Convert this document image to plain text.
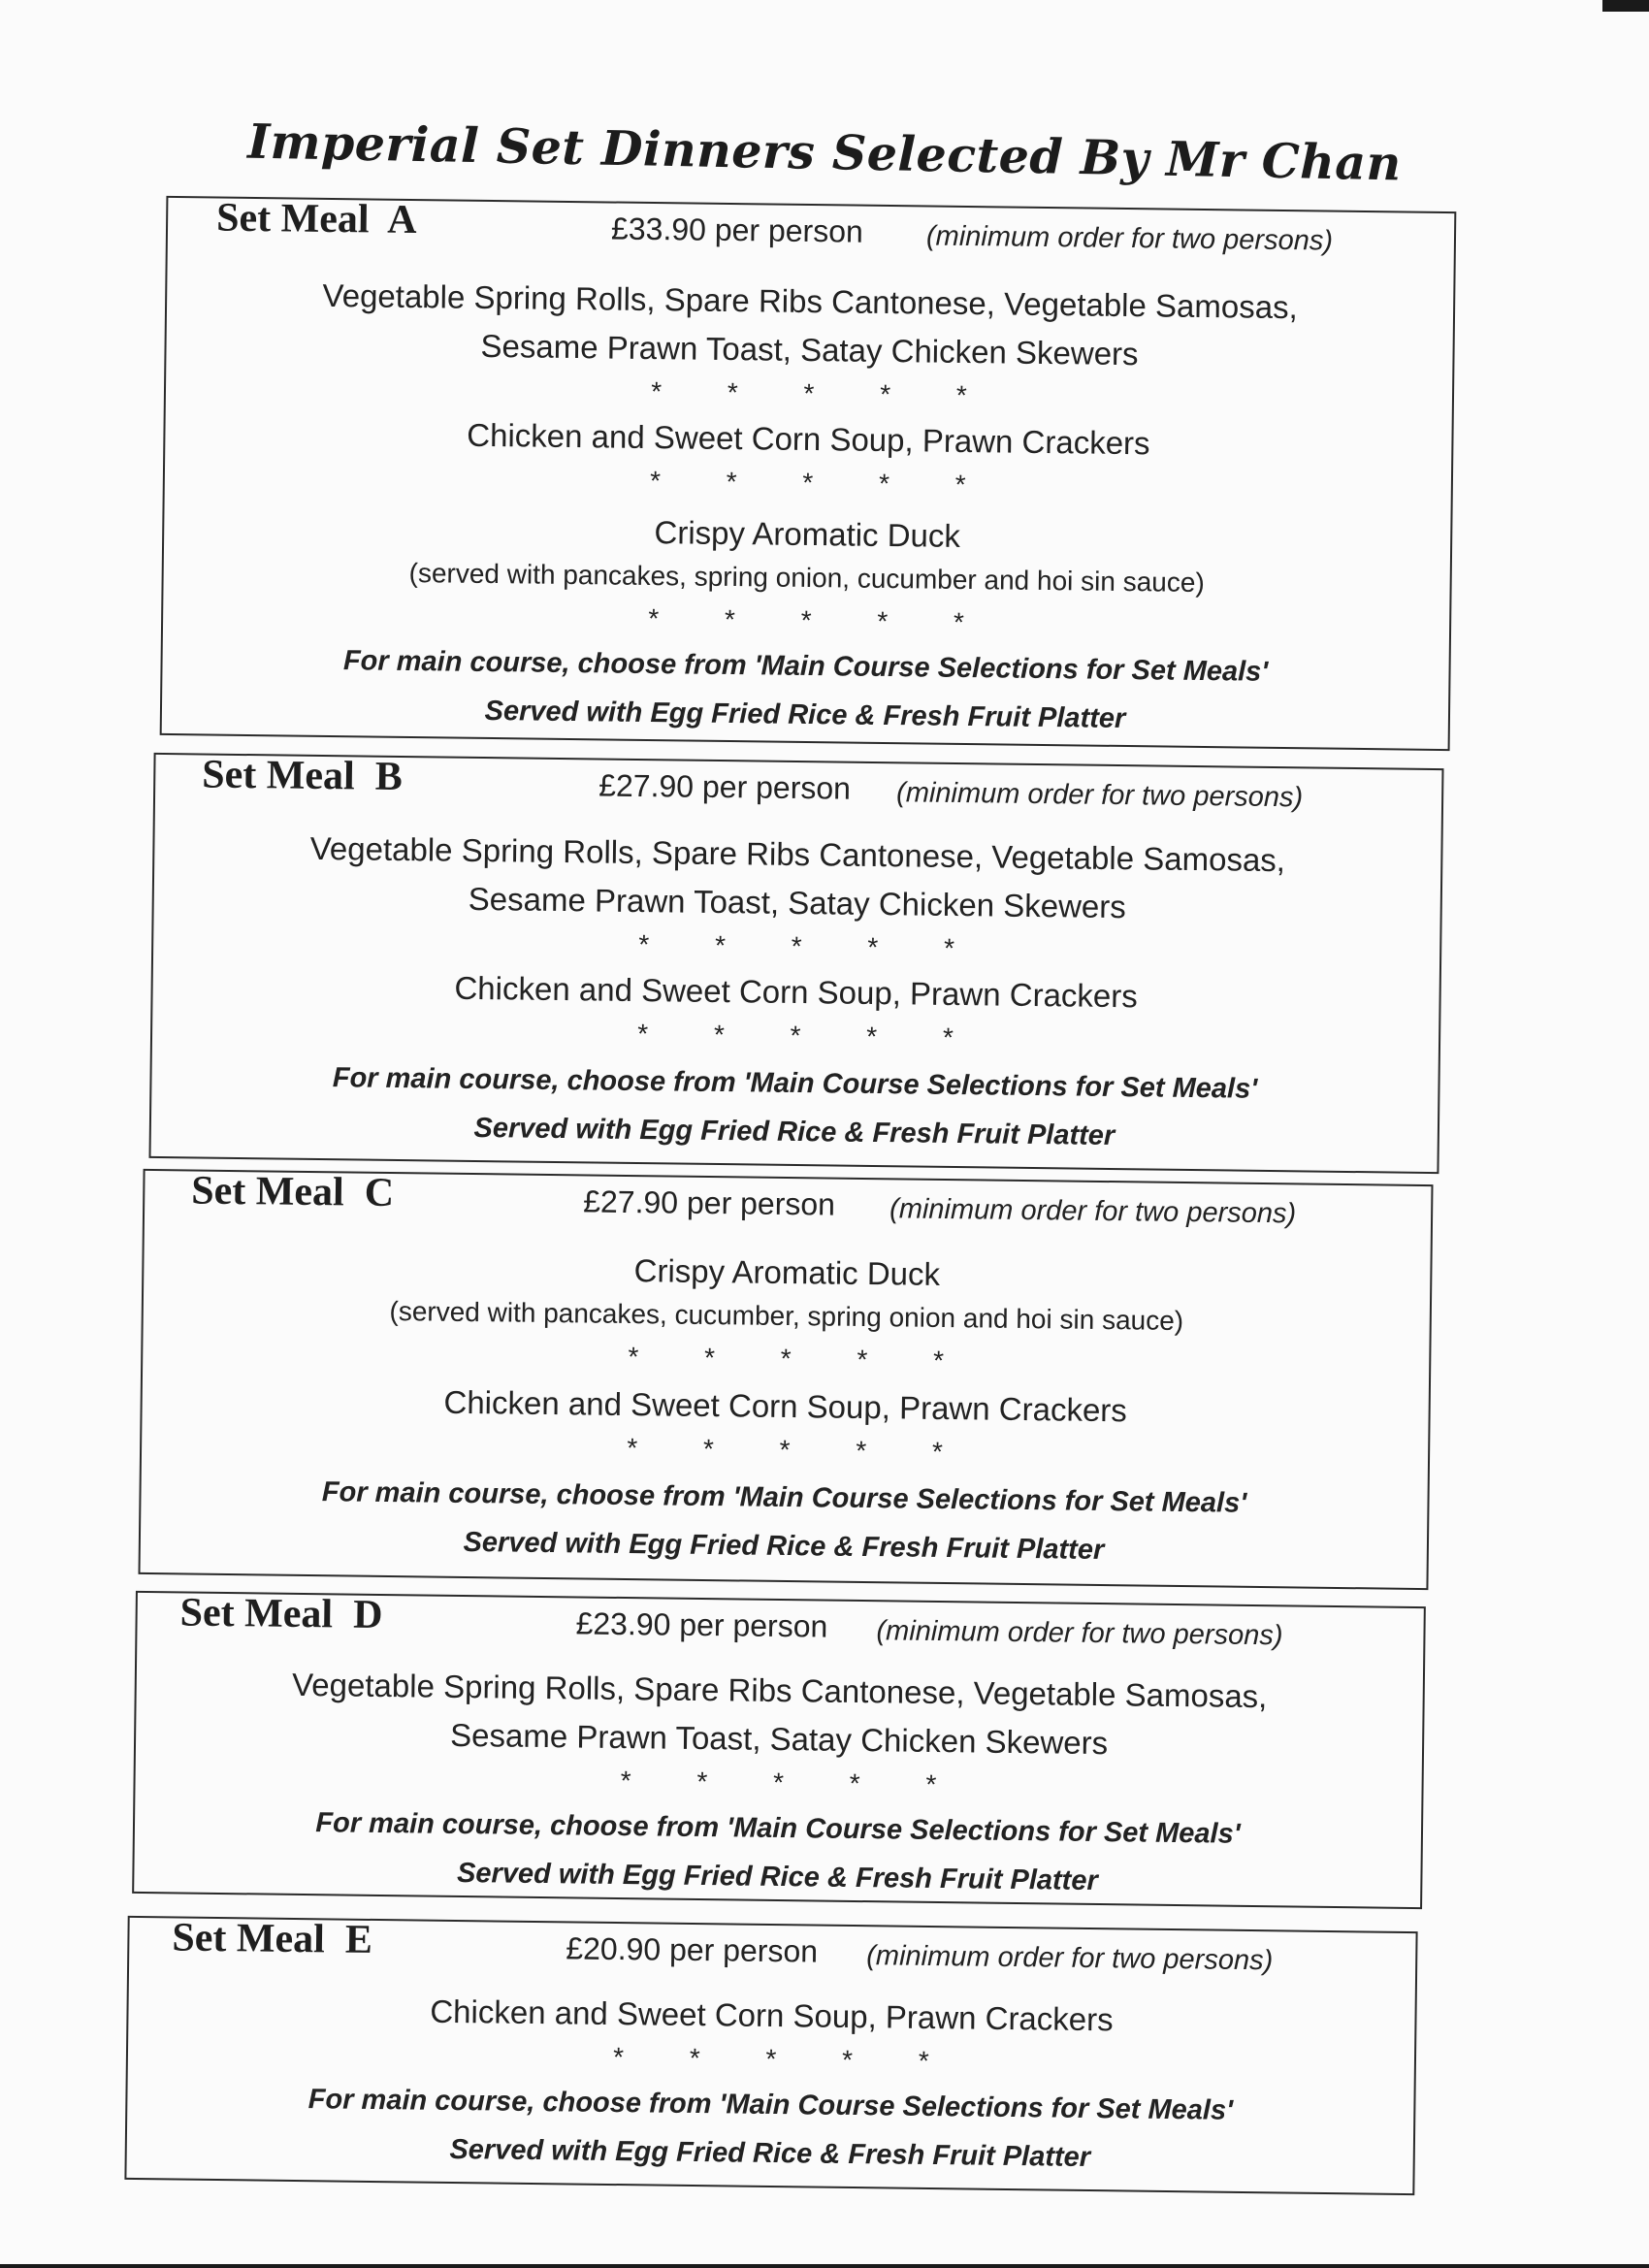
Imperial Set Dinners Selected By Mr Chan
Set Meal  A	£33.90 per person (minimum order for two persons)
Vegetable Spring Rolls, Spare Ribs Cantonese, Vegetable Samosas,
Sesame Prawn Toast, Satay Chicken Skewers
* * * * *
Chicken and Sweet Corn Soup, Prawn Crackers
* * * * *
Crispy Aromatic Duck
(served with pancakes, spring onion, cucumber and hoi sin sauce)
* * * * *
For main course, choose from 'Main Course Selections for Set Meals'
Served with Egg Fried Rice & Fresh Fruit Platter
Set Meal  B	£27.90 per person (minimum order for two persons)
Vegetable Spring Rolls, Spare Ribs Cantonese, Vegetable Samosas,
Sesame Prawn Toast, Satay Chicken Skewers
* * * * *
Chicken and Sweet Corn Soup, Prawn Crackers
* * * * *
For main course, choose from 'Main Course Selections for Set Meals'
Served with Egg Fried Rice & Fresh Fruit Platter
Set Meal  C	£27.90 per person (minimum order for two persons)
Crispy Aromatic Duck
(served with pancakes, cucumber, spring onion and hoi sin sauce)
* * * * *
Chicken and Sweet Corn Soup, Prawn Crackers
* * * * *
For main course, choose from 'Main Course Selections for Set Meals'
Served with Egg Fried Rice & Fresh Fruit Platter
Set Meal  D	£23.90 per person (minimum order for two persons)
Vegetable Spring Rolls, Spare Ribs Cantonese, Vegetable Samosas,
Sesame Prawn Toast, Satay Chicken Skewers
* * * * *
For main course, choose from 'Main Course Selections for Set Meals'
Served with Egg Fried Rice & Fresh Fruit Platter
Set Meal  E	£20.90 per person (minimum order for two persons)
Chicken and Sweet Corn Soup, Prawn Crackers
* * * * *
For main course, choose from 'Main Course Selections for Set Meals'
Served with Egg Fried Rice & Fresh Fruit Platter
